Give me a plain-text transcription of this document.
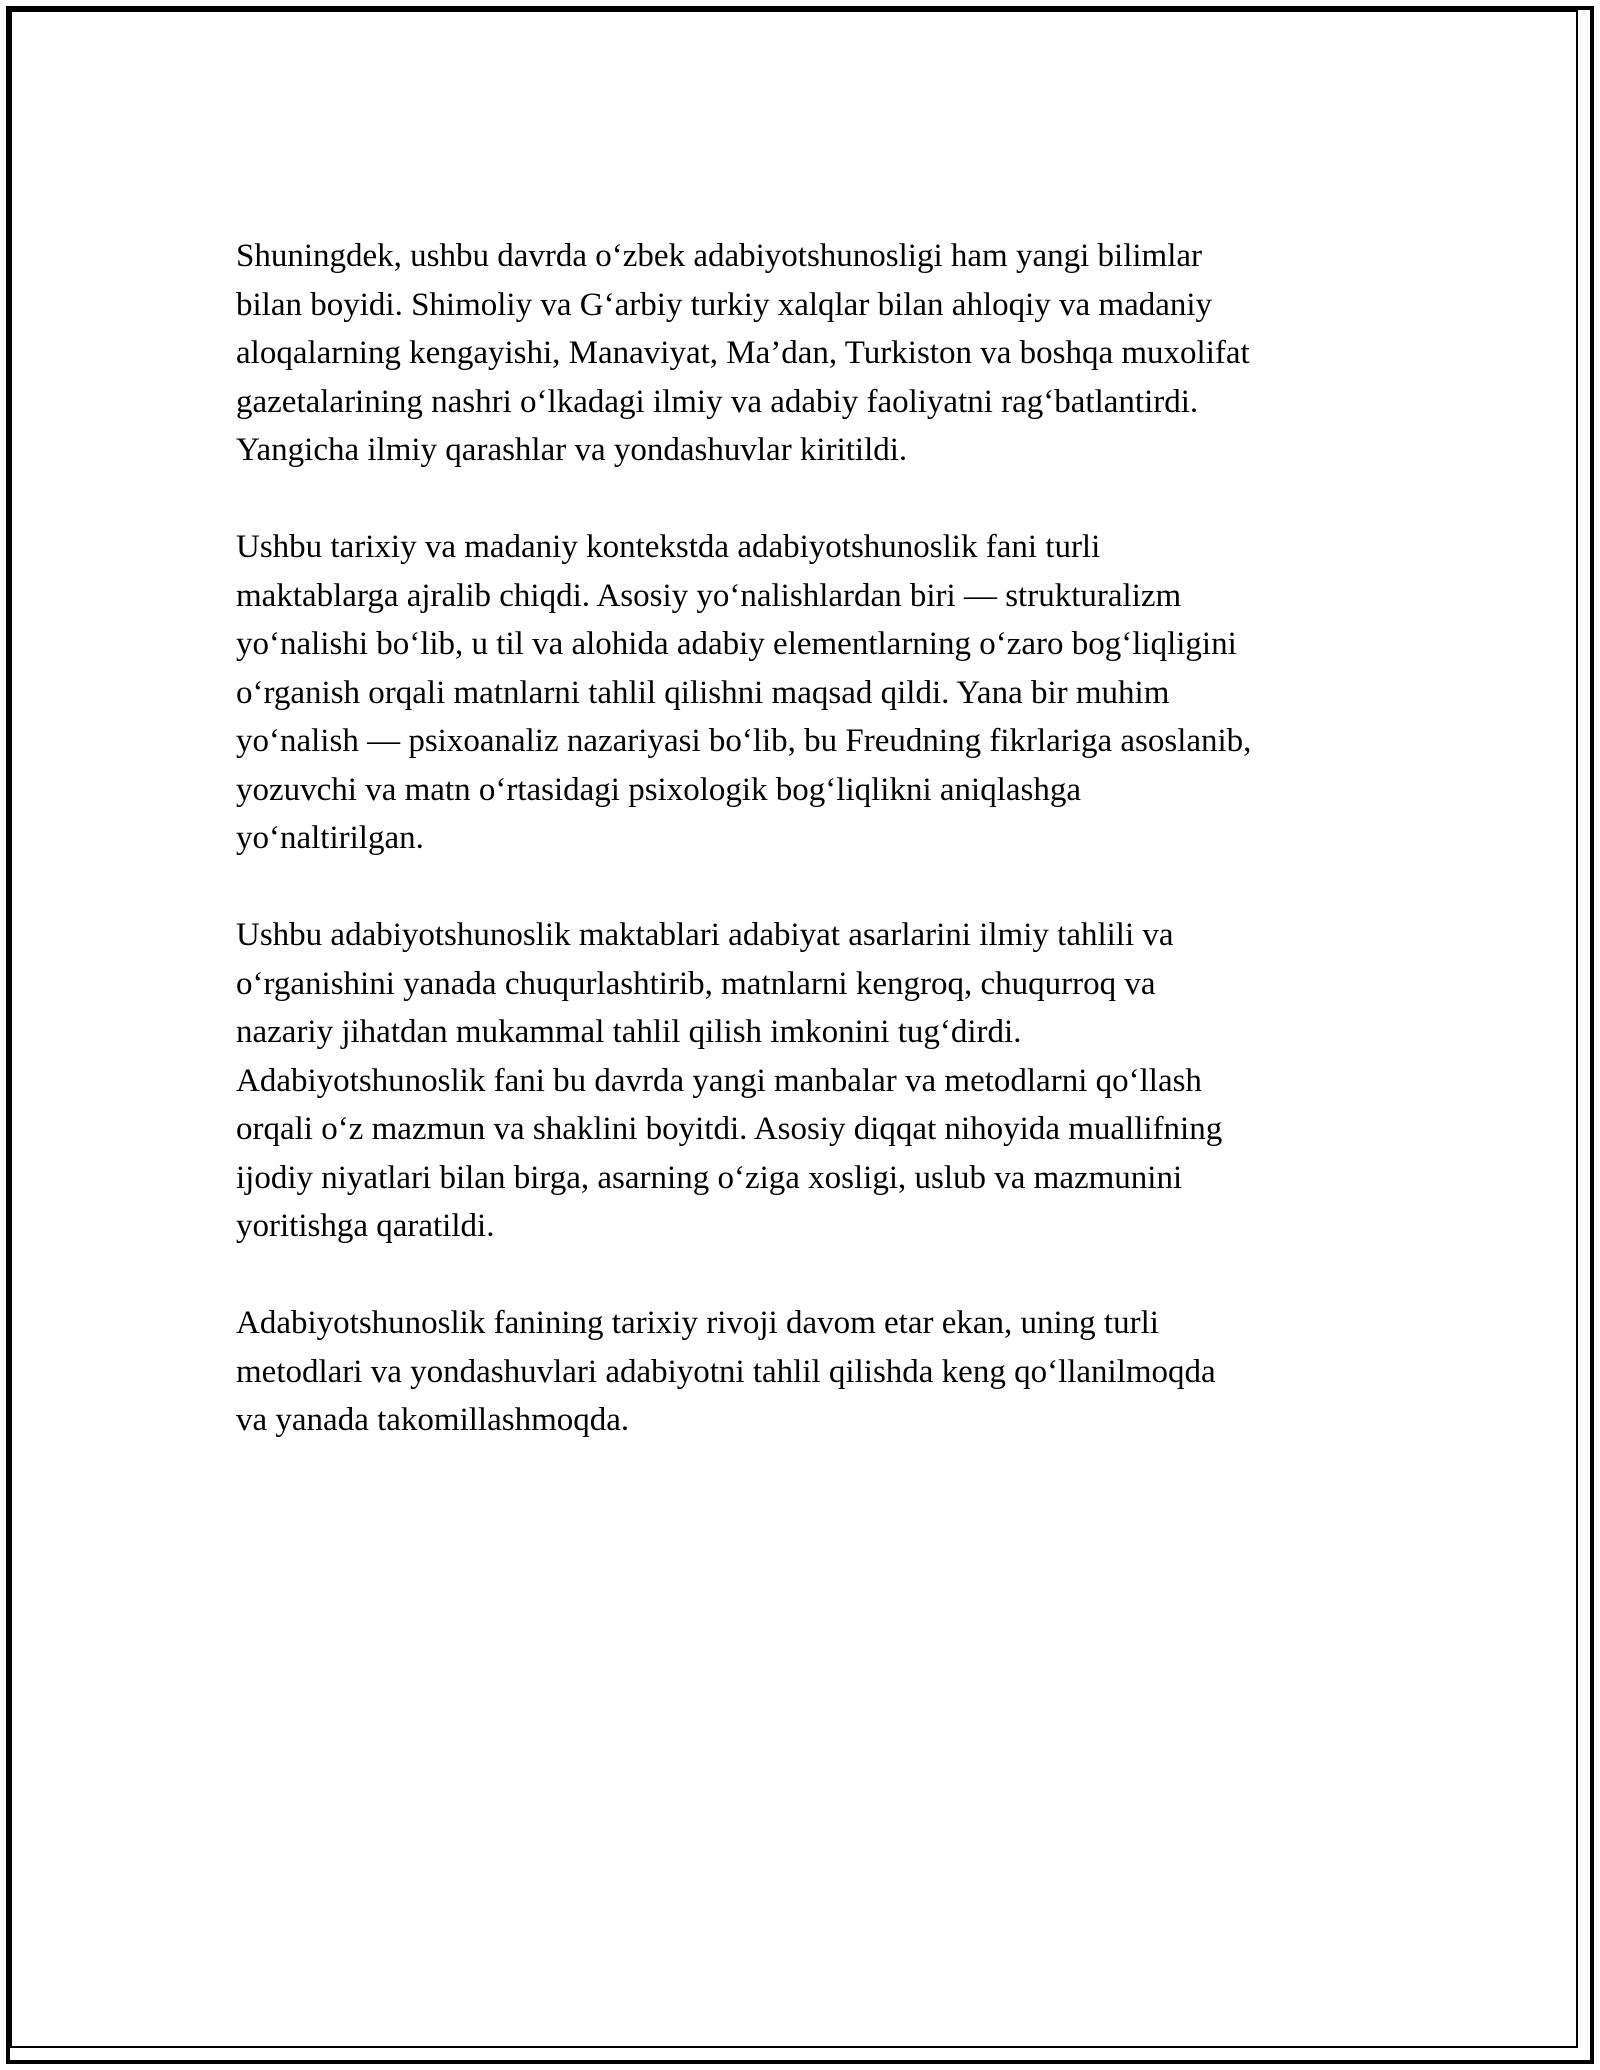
Shuningdek, ushbu davrda o‘zbek adabiyotshunosligi ham yangi bilimlar
bilan boyidi. Shimoliy va G‘arbiy turkiy xalqlar bilan ahloqiy va madaniy
aloqalarning kengayishi, Manaviyat, Ma’dan, Turkiston va boshqa muxolifat
gazetalarining nashri o‘lkadagi ilmiy va adabiy faoliyatni rag‘batlantirdi.
Yangicha ilmiy qarashlar va yondashuvlar kiritildi.

Ushbu tarixiy va madaniy kontekstda adabiyotshunoslik fani turli
maktablarga ajralib chiqdi. Asosiy yo‘nalishlardan biri — strukturalizm
yo‘nalishi bo‘lib, u til va alohida adabiy elementlarning o‘zaro bog‘liqligini
o‘rganish orqali matnlarni tahlil qilishni maqsad qildi. Yana bir muhim
yo‘nalish — psixoanaliz nazariyasi bo‘lib, bu Freudning fikrlariga asoslanib,
yozuvchi va matn o‘rtasidagi psixologik bog‘liqlikni aniqlashga
yo‘naltirilgan.

Ushbu adabiyotshunoslik maktablari adabiyat asarlarini ilmiy tahlili va
o‘rganishini yanada chuqurlashtirib, matnlarni kengroq, chuqurroq va
nazariy jihatdan mukammal tahlil qilish imkonini tug‘dirdi.
Adabiyotshunoslik fani bu davrda yangi manbalar va metodlarni qo‘llash
orqali o‘z mazmun va shaklini boyitdi. Asosiy diqqat nihoyida muallifning
ijodiy niyatlari bilan birga, asarning o‘ziga xosligi, uslub va mazmunini
yoritishga qaratildi.

Adabiyotshunoslik fanining tarixiy rivoji davom etar ekan, uning turli
metodlari va yondashuvlari adabiyotni tahlil qilishda keng qo‘llanilmoqda
va yanada takomillashmoqda.
